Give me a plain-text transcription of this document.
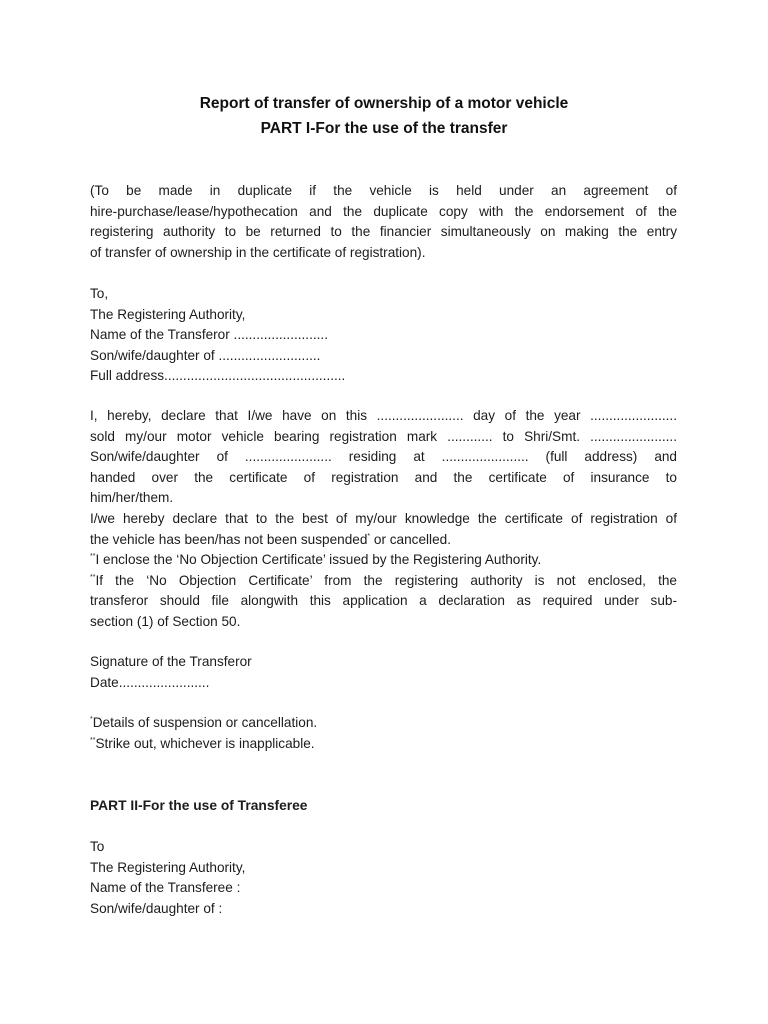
Report of transfer of ownership of a motor vehicle
PART I-For the use of the transfer
(To be made in duplicate if the vehicle is held under an agreement of
hire-purchase/lease/hypothecation and the duplicate copy with the endorsement of the
registering authority to be returned to the financier simultaneously on making the entry
of transfer of ownership in the certificate of registration).
To,
The Registering Authority,
Name of the Transferor .........................
Son/wife/daughter of ...........................
Full address................................................
I, hereby, declare that I/we have on this ....................... day of the year .......................
sold my/our motor vehicle bearing registration mark ............ to Shri/Smt. .......................
Son/wife/daughter of ....................... residing at ....................... (full address) and
handed over the certificate of registration and the certificate of insurance to
him/her/them.
I/we hereby declare that to the best of my/our knowledge the certificate of registration of
the vehicle has been/has not been suspended* or cancelled.
**I enclose the ‘No Objection Certificate’ issued by the Registering Authority.
**If the ‘No Objection Certificate’ from the registering authority is not enclosed, the
transferor should file alongwith this application a declaration as required under sub-
section (1) of Section 50.
Signature of the Transferor
Date........................
*Details of suspension or cancellation.
**Strike out, whichever is inapplicable.
PART II-For the use of Transferee
To
The Registering Authority,
Name of the Transferee :
Son/wife/daughter of :
